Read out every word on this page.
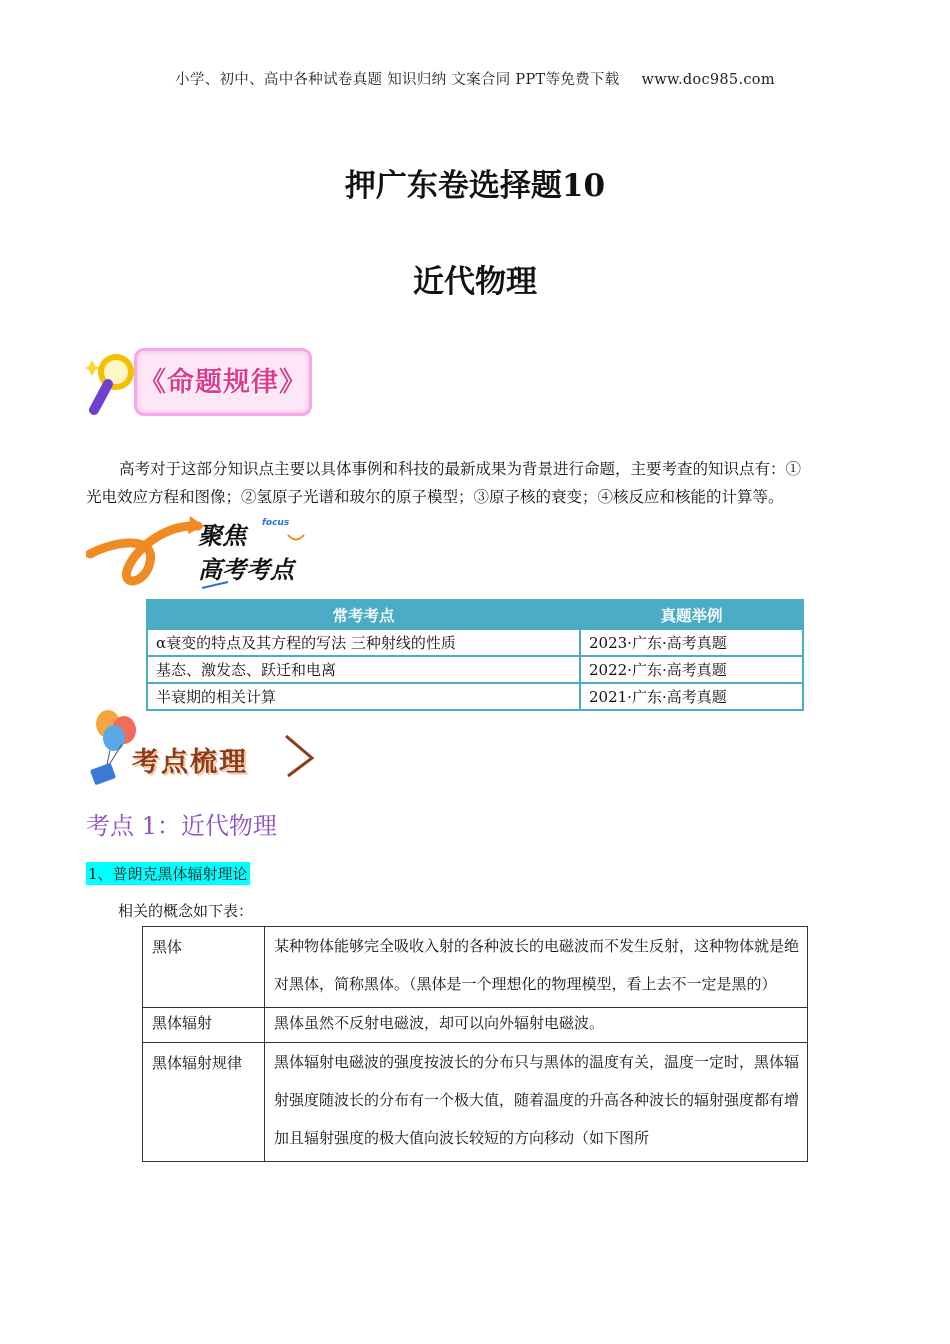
小学、初中、高中各种试卷真题 知识归纳 文案合同 PPT等免费下载 www.doc985.com
押广东卷选择题10
近代物理
《命题规律》
高考对于这部分知识点主要以具体事例和科技的最新成果为背景进行命题，主要考查的知识点有：①
光电效应方程和图像；②氢原子光谱和玻尔的原子模型；③原子核的衰变；④核反应和核能的计算等。
聚焦 focus
高考考点
常考考点	真题举例
α衰变的特点及其方程的写法 三种射线的性质	2023·广东·高考真题
基态、激发态、跃迁和电离	2022·广东·高考真题
半衰期的相关计算	2021·广东·高考真题
考点梳理
考点 1：近代物理
1、普朗克黑体辐射理论
相关的概念如下表：
黑体	某种物体能够完全吸收入射的各种波长的电磁波而不发生反射，这种物体就是绝对黑体，简称黑体。（黑体是一个理想化的物理模型，看上去不一定是黑的）
黑体辐射	黑体虽然不反射电磁波，却可以向外辐射电磁波。
黑体辐射规律	黑体辐射电磁波的强度按波长的分布只与黑体的温度有关，温度一定时，黑体辐射强度随波长的分布有一个极大值，随着温度的升高各种波长的辐射强度都有增加且辐射强度的极大值向波长较短的方向移动（如下图所
